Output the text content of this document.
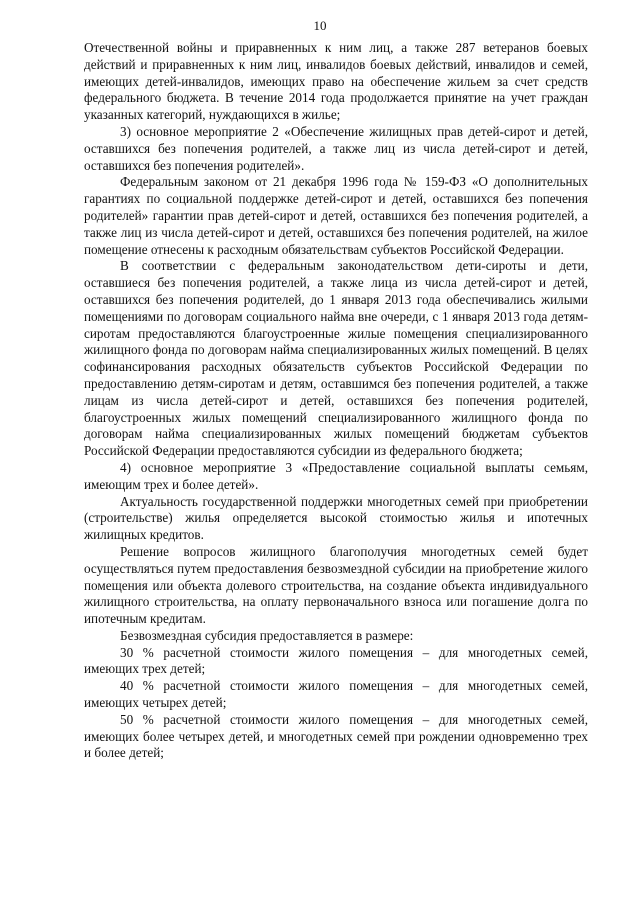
10

Отечественной войны и приравненных к ним лиц, а также 287 ветеранов боевых действий и приравненных к ним лиц, инвалидов боевых действий, инвалидов и семей, имеющих детей-инвалидов, имеющих право на обеспечение жильем за счет средств федерального бюджета. В течение 2014 года продолжается принятие на учет граждан указанных категорий, нуждающихся в жилье;

3) основное мероприятие 2 «Обеспечение жилищных прав детей-сирот и детей, оставшихся без попечения родителей, а также лиц из числа детей-сирот и детей, оставшихся без попечения родителей».

Федеральным законом от 21 декабря 1996 года № 159-ФЗ «О дополнительных гарантиях по социальной поддержке детей-сирот и детей, оставшихся без попечения родителей» гарантии прав детей-сирот и детей, оставшихся без попечения родителей, а также лиц из числа детей-сирот и детей, оставшихся без попечения родителей, на жилое помещение отнесены к расходным обязательствам субъектов Российской Федерации.

В соответствии с федеральным законодательством дети-сироты и дети, оставшиеся без попечения родителей, а также лица из числа детей-сирот и детей, оставшихся без попечения родителей, до 1 января 2013 года обеспечивались жилыми помещениями по договорам социального найма вне очереди, с 1 января 2013 года детям-сиротам предоставляются благоустроенные жилые помещения специализированного жилищного фонда по договорам найма специализированных жилых помещений. В целях софинансирования расходных обязательств субъектов Российской Федерации по предоставлению детям-сиротам и детям, оставшимся без попечения родителей, а также лицам из числа детей-сирот и детей, оставшихся без попечения родителей, благоустроенных жилых помещений специализированного жилищного фонда по договорам найма специализированных жилых помещений бюджетам субъектов Российской Федерации предоставляются субсидии из федерального бюджета;

4) основное мероприятие 3 «Предоставление социальной выплаты семьям, имеющим трех и более детей».

Актуальность государственной поддержки многодетных семей при приобретении (строительстве) жилья определяется высокой стоимостью жилья и ипотечных жилищных кредитов.

Решение вопросов жилищного благополучия многодетных семей будет осуществляться путем предоставления безвозмездной субсидии на приобретение жилого помещения или объекта долевого строительства, на создание объекта индивидуального жилищного строительства, на оплату первоначального взноса или погашение долга по ипотечным кредитам.

Безвозмездная субсидия предоставляется в размере:

30 % расчетной стоимости жилого помещения – для многодетных семей, имеющих трех детей;

40 % расчетной стоимости жилого помещения – для многодетных семей, имеющих четырех детей;

50 % расчетной стоимости жилого помещения – для многодетных семей, имеющих более четырех детей, и многодетных семей при рождении одновременно трех и более детей;
